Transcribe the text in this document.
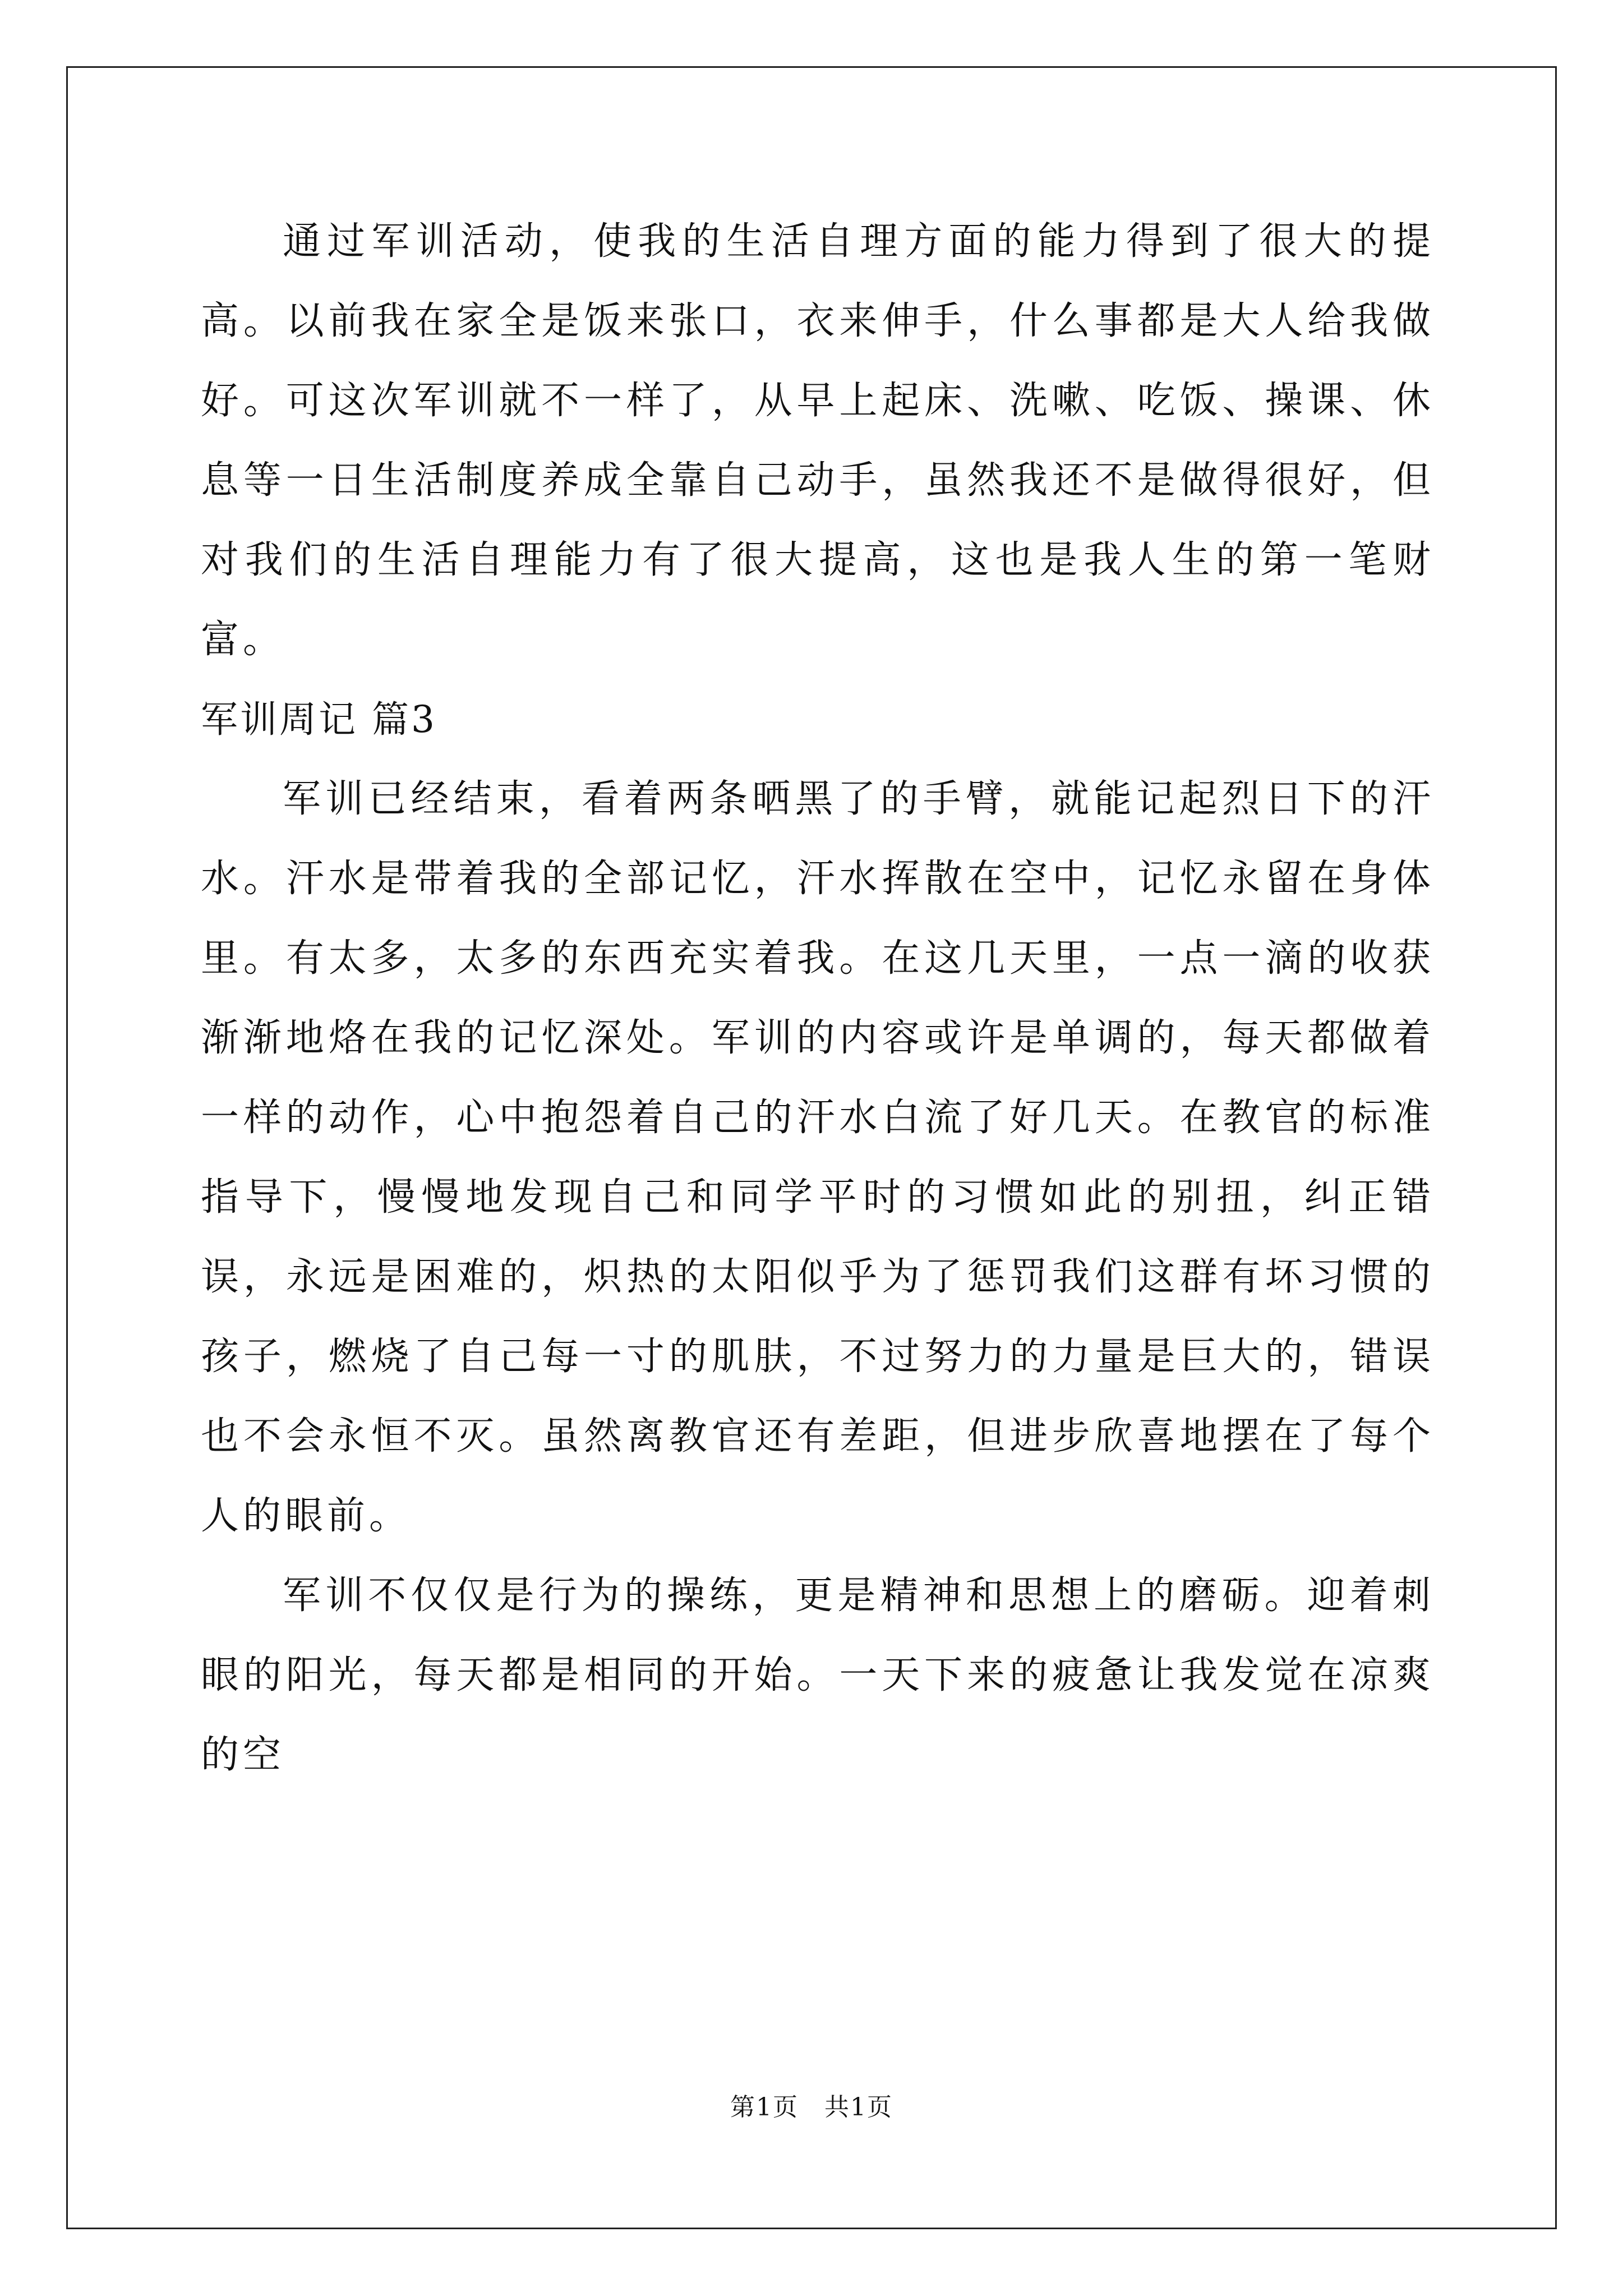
通过军训活动，使我的生活自理方面的能力得到了很大的提高。以前我在家全是饭来张口，衣来伸手，什么事都是大人给我做好。可这次军训就不一样了，从早上起床、洗嗽、吃饭、操课、休息等一日生活制度养成全靠自己动手，虽然我还不是做得很好，但对我们的生活自理能力有了很大提高，这也是我人生的第一笔财富。

军训周记 篇3

军训已经结束，看着两条晒黑了的手臂，就能记起烈日下的汗水。汗水是带着我的全部记忆，汗水挥散在空中，记忆永留在身体里。有太多，太多的东西充实着我。在这几天里，一点一滴的收获渐渐地烙在我的记忆深处。军训的内容或许是单调的，每天都做着一样的动作，心中抱怨着自己的汗水白流了好几天。在教官的标准指导下，慢慢地发现自己和同学平时的习惯如此的别扭，纠正错误，永远是困难的，炽热的太阳似乎为了惩罚我们这群有坏习惯的孩子，燃烧了自己每一寸的肌肤，不过努力的力量是巨大的，错误也不会永恒不灭。虽然离教官还有差距，但进步欣喜地摆在了每个人的眼前。

军训不仅仅是行为的操练，更是精神和思想上的磨砺。迎着刺眼的阳光，每天都是相同的开始。一天下来的疲惫让我发觉在凉爽的空

第1页　共1页
